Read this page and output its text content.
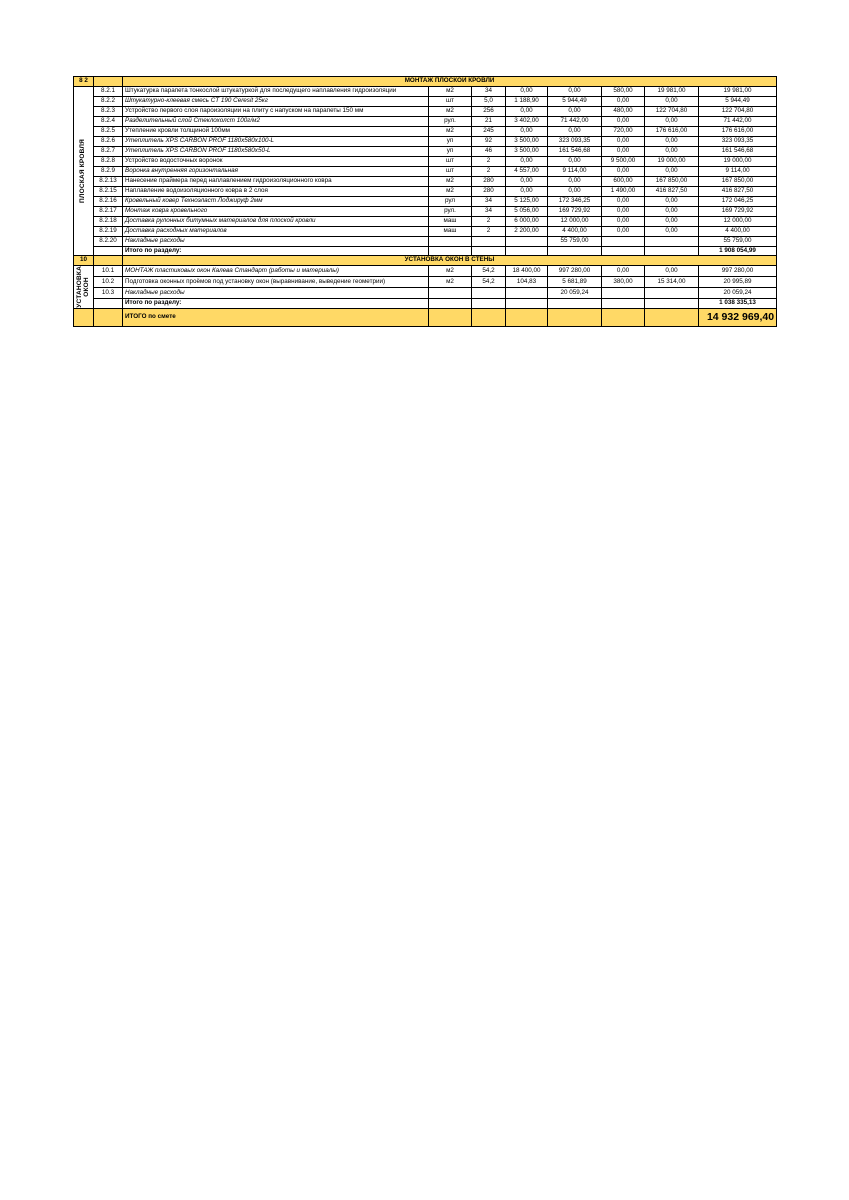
8 2		МОНТАЖ ПЛОСКОЙ КРОВЛИ							

ПЛОСКАЯ КРОВЛЯ	8.2.1	Штукатурка парапета тонкослой штукатуркой для последущего наплавления гидроизоляции	м2	34	0,00	0,00	580,00	19 981,00	19 981,00
	8.2.2	Штукатурно-клеевая смесь CT 190 Ceresit 25кг	шт	5,0	1 188,90	5 944,49	0,00	0,00	5 944,49
	8.2.3	Устройство первого слоя пароизоляции на плиту с напуском на парапеты 150 мм	м2	256	0,00	0,00	480,00	122 704,80	122 704,80
	8.2.4	Разделительный слой Стеклохолст 100г/м2	рул.	21	3 402,00	71 442,00	0,00	0,00	71 442,00
	8.2.5	Утепление кровли толщиной 100мм	м2	245	0,00	0,00	720,00	176 616,00	176 616,00
	8.2.6	Утеплитель XPS CARBON PROF 1180x580x100-L	уп	92	3 500,00	323 093,35	0,00	0,00	323 093,35
	8.2.7	Утеплитель XPS CARBON PROF 1180x580x50-L	уп	46	3 500,00	161 546,68	0,00	0,00	161 546,68
	8.2.8	Устройство водосточных воронок	шт	2	0,00	0,00	9 500,00	19 000,00	19 000,00
	8.2.9	Воронка внутренняя горизонтальная	шт	2	4 557,00	9 114,00	0,00	0,00	9 114,00
	8.2.13	Нанесение праймера перед наплавлением гидроизоляционного ковра	м2	280	0,00	0,00	600,00	167 850,00	167 850,00
	8.2.15	Наплавление водоизоляционного ковра в 2 слоя	м2	280	0,00	0,00	1 490,00	416 827,50	416 827,50
	8.2.16	Кровельный ковер Техноэласт Лоджируф 2мм	рул	34	5 125,00	172 346,25	0,00	0,00	172 046,25
	8.2.17	Монтаж ковра кровельного	рул.	34	5 056,00	169 729,92	0,00	0,00	169 729,92
	8.2.18	Доставка рулонных битумных материалов для плоской кровли	маш	2	6 000,00	12 000,00	0,00	0,00	12 000,00
	8.2.19	Доставка расходных материалов	маш	2	2 200,00	4 400,00	0,00	0,00	4 400,00
	8.2.20	Накладные расходы				55 759,00			55 759,00
		Итого по разделу:							1 908 054,99
10		УСТАНОВКА ОКОН В СТЕНЫ							

УСТАНОВКА ОКОН	10.1	МОНТАЖ пластиковых окон Калева Стандарт (работы и материалы)	м2	54,2	18 400,00	997 280,00	0,00	0,00	997 280,00
	10.2	Подготовка оконных проёмов под установку окон (выравнивание, выведение геометрии)	м2	54,2	104,83	5 681,89	380,00	15 314,00	20 995,89
	10.3	Накладные расходы				20 059,24			20 059,24
		Итого по разделу:							1 038 335,13
		ИТОГО по смете							14 932 969,40
